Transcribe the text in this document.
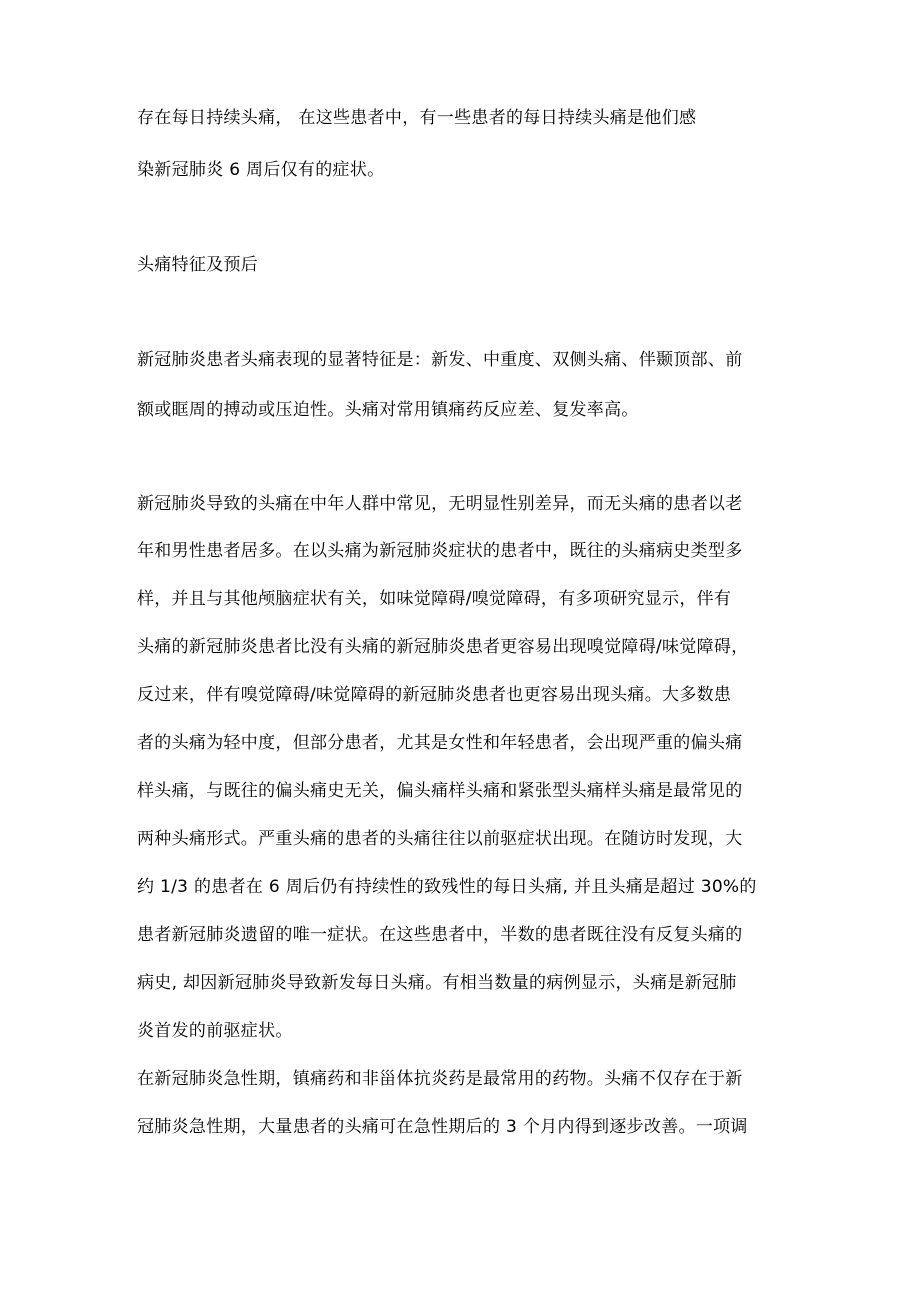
存在每日持续头痛， 在这些患者中，有一些患者的每日持续头痛是他们感
染新冠肺炎 6 周后仅有的症状。
头痛特征及预后
新冠肺炎患者头痛表现的显著特征是：新发、中重度、双侧头痛、伴颞顶部、前
额或眶周的搏动或压迫性。头痛对常用镇痛药反应差、复发率高。
新冠肺炎导致的头痛在中年人群中常见，无明显性别差异，而无头痛的患者以老
年和男性患者居多。在以头痛为新冠肺炎症状的患者中，既往的头痛病史类型多
样，并且与其他颅脑症状有关，如味觉障碍/嗅觉障碍，有多项研究显示，伴有
头痛的新冠肺炎患者比没有头痛的新冠肺炎患者更容易出现嗅觉障碍/味觉障碍，
反过来，伴有嗅觉障碍/味觉障碍的新冠肺炎患者也更容易出现头痛。大多数患
者的头痛为轻中度，但部分患者，尤其是女性和年轻患者，会出现严重的偏头痛
样头痛，与既往的偏头痛史无关，偏头痛样头痛和紧张型头痛样头痛是最常见的
两种头痛形式。严重头痛的患者的头痛往往以前驱症状出现。在随访时发现，大
约 1/3 的患者在 6 周后仍有持续性的致残性的每日头痛, 并且头痛是超过 30%的
患者新冠肺炎遗留的唯一症状。在这些患者中，半数的患者既往没有反复头痛的
病史, 却因新冠肺炎导致新发每日头痛。有相当数量的病例显示，头痛是新冠肺
炎首发的前驱症状。
在新冠肺炎急性期，镇痛药和非甾体抗炎药是最常用的药物。头痛不仅存在于新
冠肺炎急性期，大量患者的头痛可在急性期后的 3 个月内得到逐步改善。一项调
